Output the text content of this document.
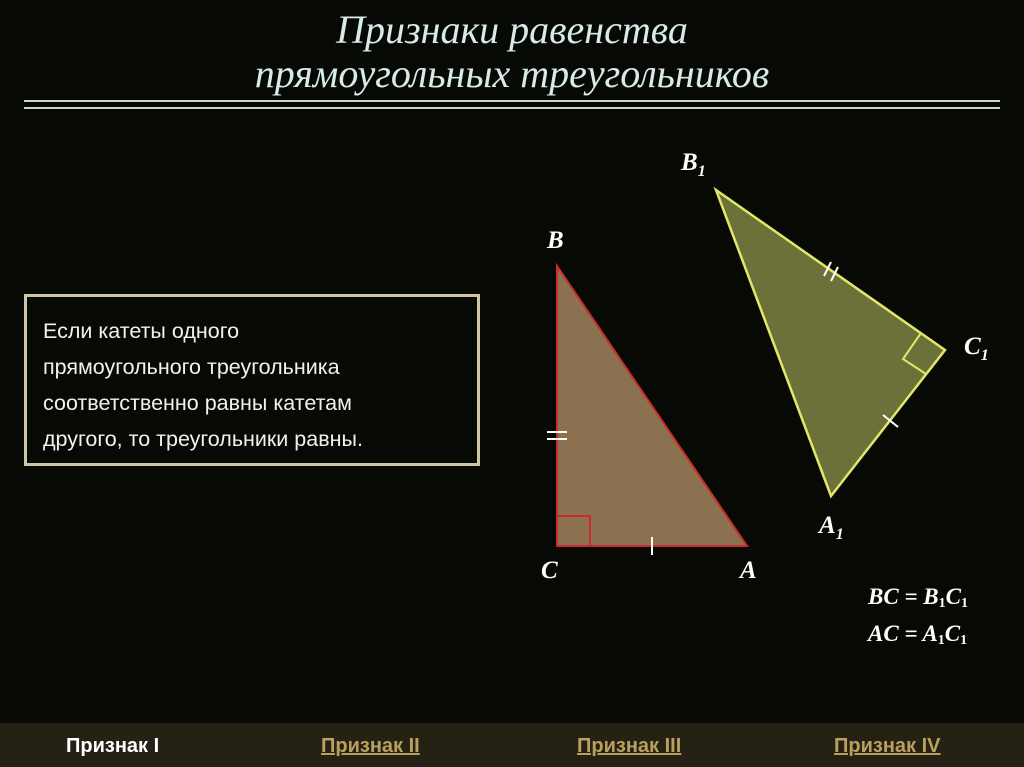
Признаки равенства
прямоугольных треугольников
Если катеты одного
прямоугольного треугольника
соответственно равны катетам
другого, то треугольники равны.
B
C	A
$B_1$
$C_1$
$A_1$
BC = $B_1C_1$
AC = $A_1C_1$
Признак I	Признак II	Признак III	Признак IV
